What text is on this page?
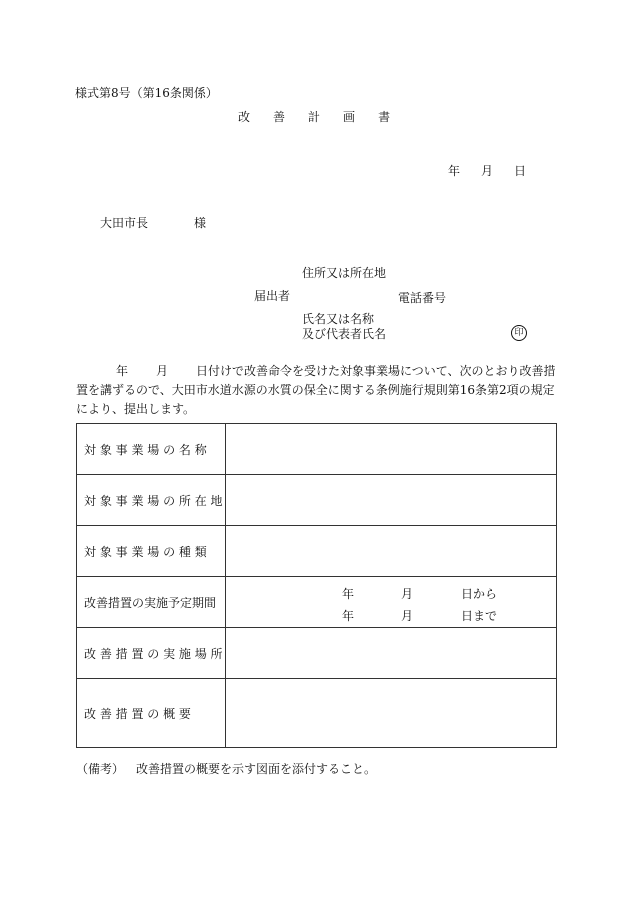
様式第8号（第16条関係）
改 善 計 画 書
年 月 日
大田市長	様
住所又は所在地
届出者	電話番号
氏名又は名称
及び代表者氏名	印
年 月 日付けで改善命令を受けた対象事業場について、次のとおり改善措置を講ずるので、大田市水道水源の水質の保全に関する条例施行規則第16条第2項の規定により、提出します。
対 象 事 業 場 の 名 称	
対 象 事 業 場 の 所 在 地	
対 象 事 業 場 の 種 類	
改善措置の実施予定期間	年 月 日から
年 月 日まで

改 善 措 置 の 実 施 場 所	
改 善 措 置 の 概 要	
（備考） 改善措置の概要を示す図面を添付すること。
